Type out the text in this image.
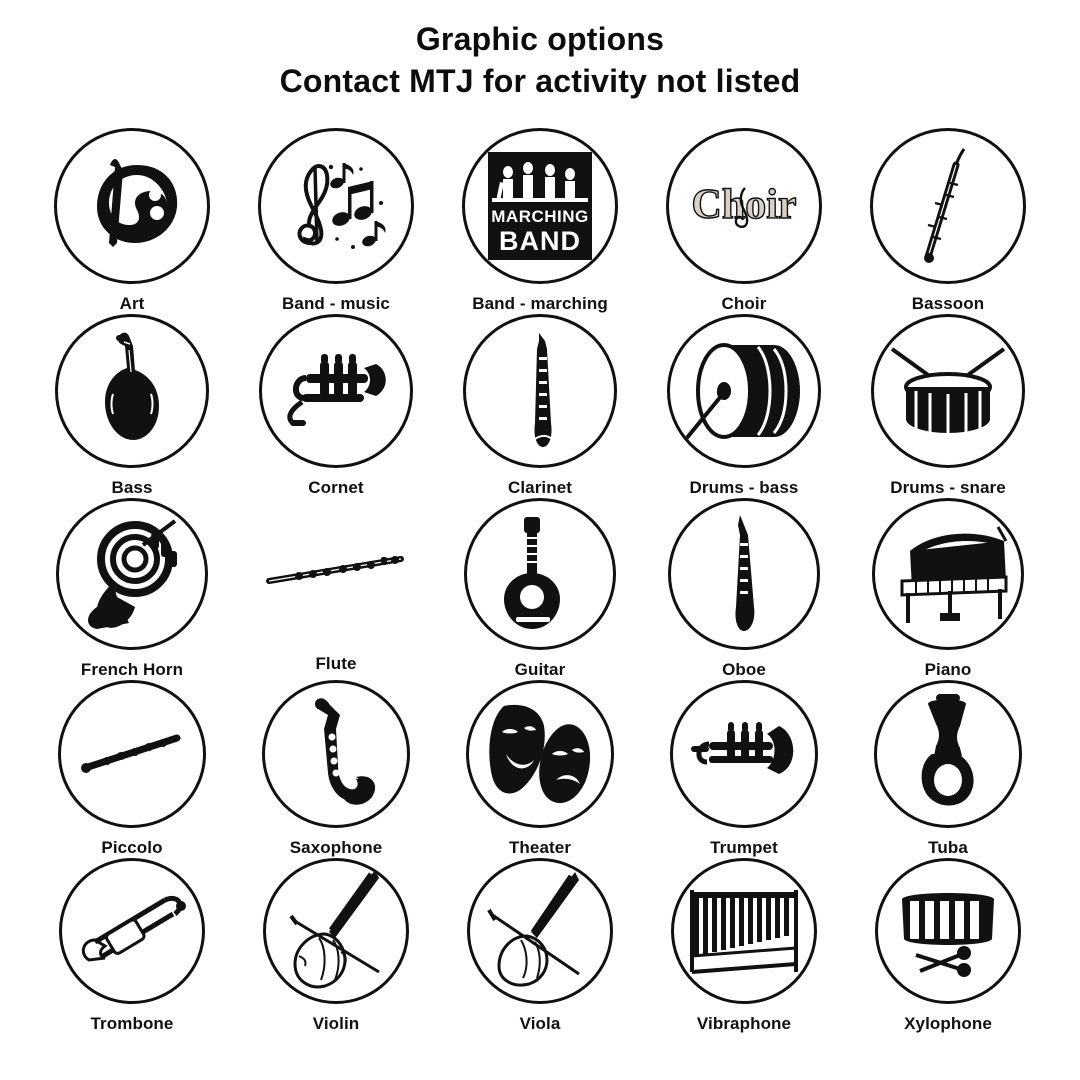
Graphic options
Contact MTJ for activity not listed
Art	Band - music
MARCHING
BAND
Band - marching
Choir
Choir	Bassoon
Bass	Cornet	Clarinet	Drums - bass	Drums - snare
French Horn	Flute	Guitar	Oboe	Piano
Piccolo	Saxophone	Theater	Trumpet	Tuba
Trombone	Violin	Viola	Vibraphone	Xylophone
